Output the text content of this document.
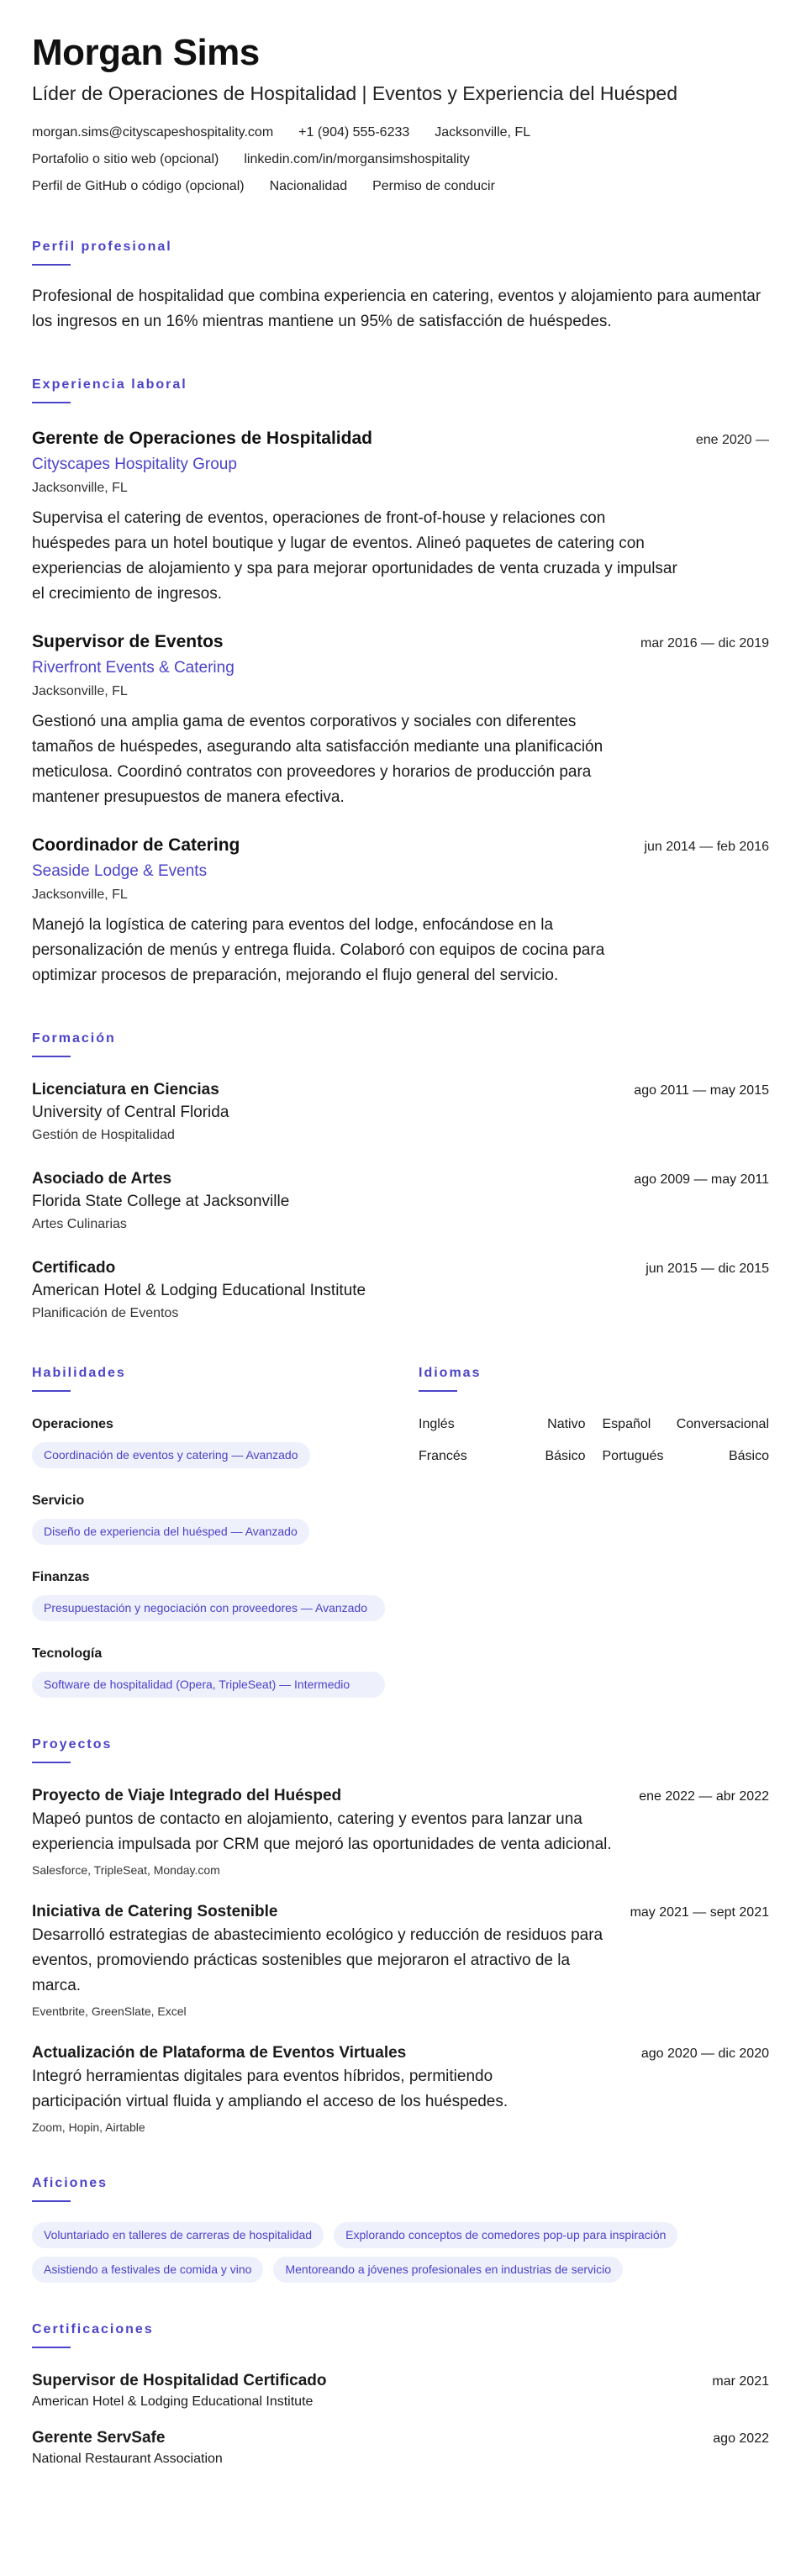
Morgan Sims
Líder de Operaciones de Hospitalidad | Eventos y Experiencia del Huésped
morgan.sims@cityscapeshospitality.com +1 (904) 555-6233 Jacksonville, FL
Portafolio o sitio web (opcional) linkedin.com/in/morgansimshospitality
Perfil de GitHub o código (opcional) Nacionalidad Permiso de conducir
Perfil profesional

Profesional de hospitalidad que combina experiencia en catering, eventos y alojamiento para aumentar los ingresos en un 16% mientras mantiene un 95% de satisfacción de huéspedes.

Experiencia laboral
Gerente de Operaciones de Hospitalidad	ene 2020 —
Cityscapes Hospitality Group
Jacksonville, FL

Supervisa el catering de eventos, operaciones de front-of-house y relaciones con huéspedes para un hotel boutique y lugar de eventos. Alineó paquetes de catering con experiencias de alojamiento y spa para mejorar oportunidades de venta cruzada y impulsar el crecimiento de ingresos.

Supervisor de Eventos	mar 2016 — dic 2019
Riverfront Events & Catering
Jacksonville, FL

Gestionó una amplia gama de eventos corporativos y sociales con diferentes tamaños de huéspedes, asegurando alta satisfacción mediante una planificación meticulosa. Coordinó contratos con proveedores y horarios de producción para mantener presupuestos de manera efectiva.

Coordinador de Catering	jun 2014 — feb 2016
Seaside Lodge & Events
Jacksonville, FL

Manejó la logística de catering para eventos del lodge, enfocándose en la personalización de menús y entrega fluida. Colaboró con equipos de cocina para optimizar procesos de preparación, mejorando el flujo general del servicio.

Formación
Licenciatura en Ciencias	ago 2011 — may 2015
University of Central Florida
Gestión de Hospitalidad
Asociado de Artes	ago 2009 — may 2011
Florida State College at Jacksonville
Artes Culinarias
Certificado	jun 2015 — dic 2015
American Hotel & Lodging Educational Institute
Planificación de Eventos
Habilidades
Operaciones
Coordinación de eventos y catering — Avanzado
Servicio
Diseño de experiencia del huésped — Avanzado
Finanzas
Presupuestación y negociación con proveedores — Avanzado
Tecnología
Software de hospitalidad (Opera, TripleSeat) — Intermedio
Idiomas
Inglés	Nativo Español Conversacional
Francés	Básico Portugués	Básico
Proyectos
Proyecto de Viaje Integrado del Huésped	ene 2022 — abr 2022

Mapeó puntos de contacto en alojamiento, catering y eventos para lanzar una experiencia impulsada por CRM que mejoró las oportunidades de venta adicional.

Salesforce, TripleSeat, Monday.com
Iniciativa de Catering Sostenible	may 2021 — sept 2021

Desarrolló estrategias de abastecimiento ecológico y reducción de residuos para eventos, promoviendo prácticas sostenibles que mejoraron el atractivo de la marca.

Eventbrite, GreenSlate, Excel
Actualización de Plataforma de Eventos Virtuales	ago 2020 — dic 2020

Integró herramientas digitales para eventos híbridos, permitiendo participación virtual fluida y ampliando el acceso de los huéspedes.

Zoom, Hopin, Airtable
Aficiones
Voluntariado en talleres de carreras de hospitalidad	Explorando conceptos de comedores pop-up para inspiración
Asistiendo a festivales de comida y vino	Mentoreando a jóvenes profesionales en industrias de servicio
Certificaciones
Supervisor de Hospitalidad Certificado	mar 2021
American Hotel & Lodging Educational Institute
Gerente ServSafe	ago 2022
National Restaurant Association
